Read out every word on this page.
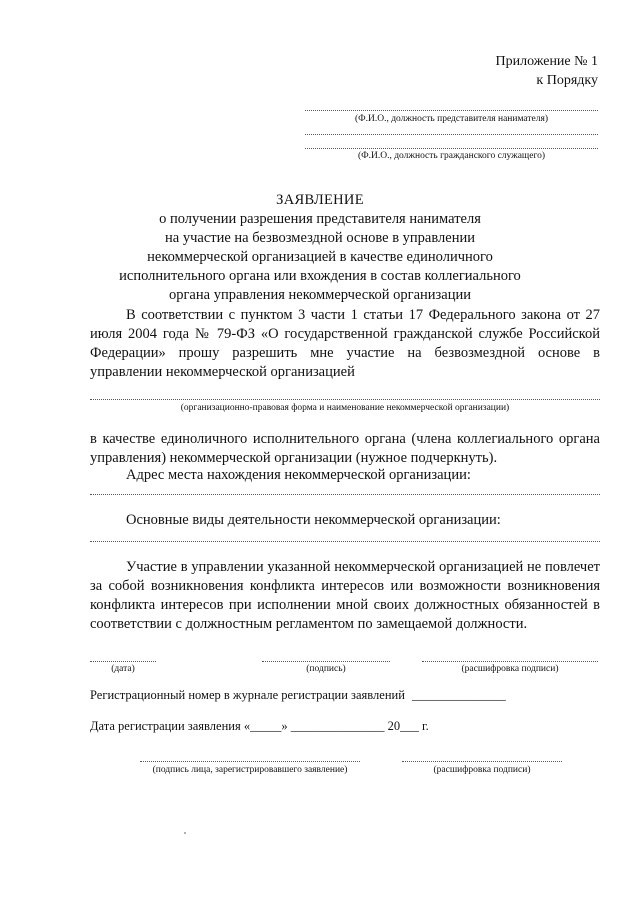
Приложение № 1
к Порядку
(Ф.И.О., должность представителя нанимателя)
(Ф.И.О., должность гражданского служащего)
ЗАЯВЛЕНИЕ
о получении разрешения представителя нанимателя
на участие на безвозмездной основе в управлении
некоммерческой организацией в качестве единоличного
исполнительного органа или вхождения в состав коллегиального
органа управления некоммерческой организации
В соответствии с пунктом 3 части 1 статьи 17 Федерального закона от 27 июля 2004 года № 79-ФЗ «О государственной гражданской службе Российской Федерации» прошу разрешить мне участие на безвозмездной основе в управлении некоммерческой организацией
(организационно-правовая форма и наименование некоммерческой организации)
в качестве единоличного исполнительного органа (члена коллегиального органа управления) некоммерческой организации (нужное подчеркнуть).
Адрес места нахождения некоммерческой организации:
Основные виды деятельности некоммерческой организации:
Участие в управлении указанной некоммерческой организацией не повлечет за собой возникновения конфликта интересов или возможности возникновения конфликта интересов при исполнении мной своих должностных обязанностей в соответствии с должностным регламентом по замещаемой должности.
(дата)	(подпись)	(расшифровка подписи)
Регистрационный номер в журнале регистрации заявлений _______________
Дата регистрации заявления «_____» _______________ 20___ г.
(подпись лица, зарегистрировавшего заявление)	(расшифровка подписи)
